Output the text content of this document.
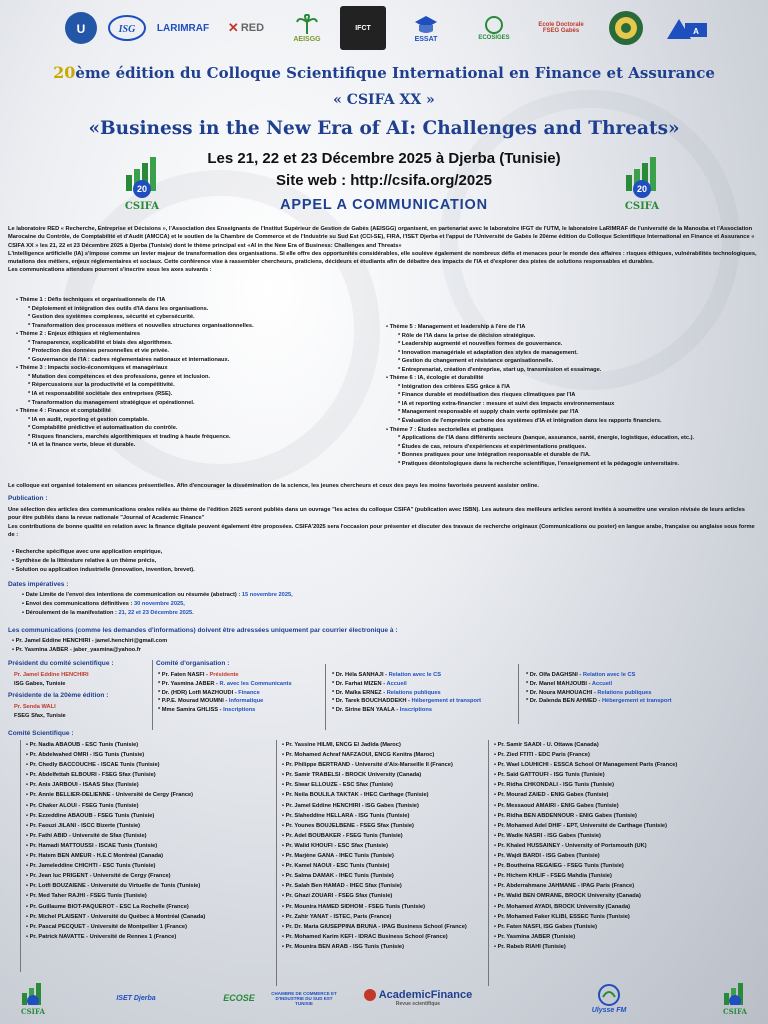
U	ISG LARIMRAF ✕ RED
AEISGG
IFCT
ESSAT	ECOSIGES
Ecole Doctorale FSEG Gabès	A
20ème édition du Colloque Scientifique International en Finance et Assurance
« CSIFA XX »
«Business in the New Era of AI: Challenges and Threats»
Les 21, 22 et 23 Décembre 2025 à Djerba (Tunisie)
Site web : http://csifa.org/2025
APPEL A COMMUNICATION
20
CSIFA
20
CSIFA
Le laboratoire RED « Recherche, Entreprise et Décisions », l'Association des Enseignants de l'Institut Supérieur de Gestion de Gabès (AEISGG) organisent, en partenariat avec le laboratoire IFGT de l'UTM, le laboratoire LaRIMRAF de l'université de la Manouba et l'Association Marocaine du Contrôle, de Comptabilité et d'Audit (AMCCA) et le soutien de la Chambre de Commerce et de l'Industrie su Sud Est (CCI-SE), FIRA, l'ISET Djerba et l'appui de l'Université de Gabès le 20ème édition du Colloque Scientifique International en Finance et Assurance « CSIFA XX » les 21, 22 et 23 Décembre 2025 à Djerba (Tunisie) dont le thème principal est «AI in the New Era of Business: Challenges and Threats»
L'intelligence artificielle (IA) s'impose comme un levier majeur de transformation des organisations. Si elle offre des opportunités considérables, elle soulève également de nombreux défis et menaces pour le monde des affaires : risques éthiques, vulnérabilités technologiques, mutations des métiers, enjeux réglementaires et sociaux. Cette conférence vise à rassembler chercheurs, praticiens, décideurs et étudiants afin de débattre des impacts de l'IA et d'explorer des pistes de solutions responsables et durables.
Les communications attendues pourront s'inscrire sous les axes suivants :
• Thème 1 : Défis techniques et organisationnels de l'IA
* Déploiement et intégration des outils d'IA dans les organisations.
* Gestion des systèmes complexes, sécurité et cybersécurité.
* Transformation des processus métiers et nouvelles structures organisationnelles.
• Thème 2 : Enjeux éthiques et réglementaires
* Transparence, explicabilité et biais des algorithmes.
* Protection des données personnelles et vie privée.
* Gouvernance de l'IA : cadres réglementaires nationaux et internationaux.
• Thème 3 : Impacts socio-économiques et managériaux
* Mutation des compétences et des professions, genre et inclusion.
* Répercussions sur la productivité et la compétitivité.
* IA et responsabilité sociétale des entreprises (RSE).
* Transformation du management stratégique et opérationnel.
• Thème 4 : Finance et comptabilité
* IA en audit, reporting et gestion comptable.
* Comptabilité prédictive et automatisation du contrôle.
* Risques financiers, marchés algorithmiques et trading à haute fréquence.
* IA et la finance verte, bleue et durable.
• Thème 5 : Management et leadership à l'ère de l'IA
* Rôle de l'IA dans la prise de décision stratégique.
* Leadership augmenté et nouvelles formes de gouvernance.
* Innovation managériale et adaptation des styles de management.
* Gestion du changement et résistance organisationnelle.
* Entreprenariat, création d'entreprise, start up, transmission et essaimage.
• Thème 6 : IA, écologie et durabilité
* Intégration des critères ESG grâce à l'IA
* Finance durable et modélisation des risques climatiques par l'IA
* IA et reporting extra-financier : mesure et suivi des impacts environnementaux
* Management responsable et supply chain verte optimisée par l'IA
* Évaluation de l'empreinte carbone des systèmes d'IA et intégration dans les rapports financiers.
• Thème 7 : Études sectorielles et pratiques
* Applications de l'IA dans différents secteurs (banque, assurance, santé, énergie, logistique, éducation, etc.).
* Études de cas, retours d'expériences et expérimentations pratiques.
* Bonnes pratiques pour une intégration responsable et durable de l'IA.
* Pratiques déontologiques dans la recherche scientifique, l'enseignement et la pédagogie universitaire.
Le colloque est organisé totalement en séances présentielles. Afin d'encourager la dissémination de la science, les jeunes chercheurs et ceux des pays les moins favorisés peuvent assister online.
Publication :
Une sélection des articles des communications orales reliés au thème de l'édition 2025 seront publiés dans un ouvrage "les actes du colloque CSIFA" (publication avec ISBN). Les auteurs des meilleurs articles seront invités à soumettre une version révisée de leurs articles pour être publiés dans la revue nationale "Journal of Academic Finance"
Les contributions de bonne qualité en relation avec la finance digitale peuvent également être proposées. CSIFA'2025 sera l'occasion pour présenter et discuter des travaux de recherche originaux (Communications ou poster) en langue arabe, française ou anglaise sous forme de :
• Recherche spécifique avec une application empirique,
• Synthèse de la littérature relative à un thème précis,
• Solution ou application industrielle (innovation, invention, brevet).
Dates impératives :
• Date Limite de l'envoi des intentions de communication ou résumée (abstract) : 15 novembre 2025,
• Envoi des communications définitives : 30 novembre 2025,
• Déroulement de la manifestation : 21, 22 et 23 Décembre 2025.
Les communications (comme les demandes d'informations) doivent être adressées uniquement par courrier électronique à :
• Pr. Jamel Eddine HENCHIRI - jamel.henchiri@gmail.com
• Pr. Yasmina JABER - jaber_yasmina@yahoo.fr
Président du comité scientifique :
Pr. Jamel Eddine HENCHIRI
ISG Gabes, Tunisie
Présidente de la 20ème édition :
Pr. Senda WALI
FSEG Sfax, Tunisie
Comité d'organisation :
* Pr. Faten NASFI - Présidente
* Pr. Yasmina JABER - R. avec les Communicants
* Dr. (HDR) Lotfi MAZHOUDI - Finance
* P.P.E. Mourad MOUMNI - Informatique
* Mme Samira GHLISS - Inscriptions
* Dr. Héla SANHAJI - Relation avec le CS
* Dr. Farhat MIZEN - Accueil
* Dr. Maïka ERNEZ - Relations publiques
* Dr. Tarek BOUCHADDEKH - Hébergement et transport
* Dr. Sirine BEN YAALA - Inscriptions
* Dr. Olfa DAGHSNI - Relation avec le CS
* Dr. Manel MAHJOUBI - Accueil
* Dr. Noura MAHOUACHI - Relations publiques
* Dr. Dalenda BEN AHMED - Hébergement et transport
Comité Scientifique :
• Pr. Nadia ABAOUB - ESC Tunis (Tunisie)
• Pr. Abdelwahed OMRI - ISG Tunis (Tunisie)
• Pr. Chedly BACCOUCHE - ISCAE Tunis (Tunisie)
• Pr. Abdelfettah ELBOURI - FSEG Sfax (Tunisie)
• Pr. Anis JARBOUI - ISAAS Sfax (Tunisie)
• Pr. Annie BELLIER-DELIENNE - Université de Cergy (France)
• Pr. Chaker ALOUI - FSEG Tunis (Tunisie)
• Pr. Ezzeddine ABAOUB - FSEG Tunis (Tunisie)
• Pr. Faouzi JILANI - ISCC Bizerte (Tunisie)
• Pr. Fathi ABID - Université de Sfax (Tunisie)
• Pr. Hamadi MATTOUSSI - ISCAE Tunis (Tunisie)
• Pr. Hatem BEN AMEUR - H.E.C Montréal (Canada)
• Pr. Jameleddine CHICHTI - ESC Tunis (Tunisie)
• Pr. Jean luc PRIGENT - Université de Cergy (France)
• Pr. Lotfi BOUZAIENE - Université du Virtuelle de Tunis (Tunisie)
• Pr. Med Taher RAJHI - FSEG Tunis (Tunisie)
• Pr. Guillaume BIOT-PAQUEROT - ESC La Rochelle (France)
• Pr. Michel PLAISENT - Université du Québec à Montréal (Canada)
• Pr. Pascal PECQUET - Université de Montpellier 1 (France)
• Pr. Patrick NAVATTE - Université de Rennes 1 (France)
• Pr. Yassine HILMI, ENCG El Jadida (Maroc)
• Pr. Mohamed Achraf NAFZAOUI, ENCG Kenitra (Maroc)
• Pr. Philippe BERTRAND - Université d'Aix-Marseille II (France)
• Pr. Samir TRABELSI - BROCK University (Canada)
• Pr. Siwar ELLOUZE - ESC Sfax (Tunisie)
• Pr. Neila BOULILA TAKTAK - IHEC Carthage (Tunisie)
• Pr. Jamel Eddine HENCHIRI - ISG Gabes (Tunisie)
• Pr. Slaheddine HELLARA - ISG Tunis (Tunisie)
• Pr. Younes BOUJELBENE - FSEG Sfax (Tunisie)
• Pr. Adel BOUBAKER - FSEG Tunis (Tunisie)
• Pr. Walid KHOUFI - ESC Sfax (Tunisie)
• Pr. Marjène GANA - IHEC Tunis (Tunisie)
• Pr. Kamel NAOUI - ESC Tunis (Tunisie)
• Pr. Salma DAMAK - IHEC Tunis (Tunisie)
• Pr. Salah Ben HAMAD - IHEC Sfax (Tunisie)
• Pr. Ghazi ZOUARI - FSEG Sfax (Tunisie)
• Pr. Mounira HAMED SIDHOM - FSEG Tunis (Tunisie)
• Pr. Zahir YANAT - ISTEC, Paris (France)
• Pr. Dr. Maria GIUSEPPINA BRUNA - IPAG Business School (France)
• Pr. Mohamed Karim KEFI - IDRAC Business School (France)
• Pr. Mounira BEN ARAB - ISG Tunis (Tunisie)
• Pr. Samir SAADI - U. Ottawa (Canada)
• Pr. Zied FTITI - EDC Paris (France)
• Pr. Wael LOUHICHI - ESSCA School Of Management Paris (France)
• Pr. Saïd GATTOUFI - ISG Tunis (Tunisie)
• Pr. Ridha CHKONDALI - ISG Tunis (Tunisie)
• Pr. Mourad ZAIED - ENIG Gabes (Tunisie)
• Pr. Messaoud AMAIRI - ENIG Gabes (Tunisie)
• Pr. Ridha BEN ABDENNOUR - ENIG Gabes (Tunisie)
• Pr. Mohamed Adel DHIF - EPT, Université de Carthage (Tunisie)
• Pr. Wadie NASRI - ISG Gabes (Tunisie)
• Pr. Khaled HUSSAINEY - University of Portsmouth (UK)
• Pr. Wajdi BARDI - ISG Gabes (Tunisie)
• Pr. Boutheina REGAIEG - FSEG Tunis (Tunisie)
• Pr. Hichem KHLIF - FSEG Mahdia (Tunisie)
• Pr. Abderrahmane JAHMANE - IPAG Paris (France)
• Pr. Walid BEN OMRANE, BROCK University (Canada)
• Pr. Mohamed AYADI, BROCK University (Canada)
• Pr. Mohamed Faker KLIBI, ESSEC Tunis (Tunisie)
• Pr. Faten NASFI, ISG Gabes (Tunisie)
• Pr. Yasmina JABER (Tunisie)
• Pr. Rabeb RIAHI (Tunisie)
CSIFA
ISET Djerba	ECOSE	CHAMBRE DE COMMERCE ET D'INDUSTRIE DU SUD EST
TUNISIE
AcademicFinance
Revue scientifique
Ulysse FM	CSIFA
